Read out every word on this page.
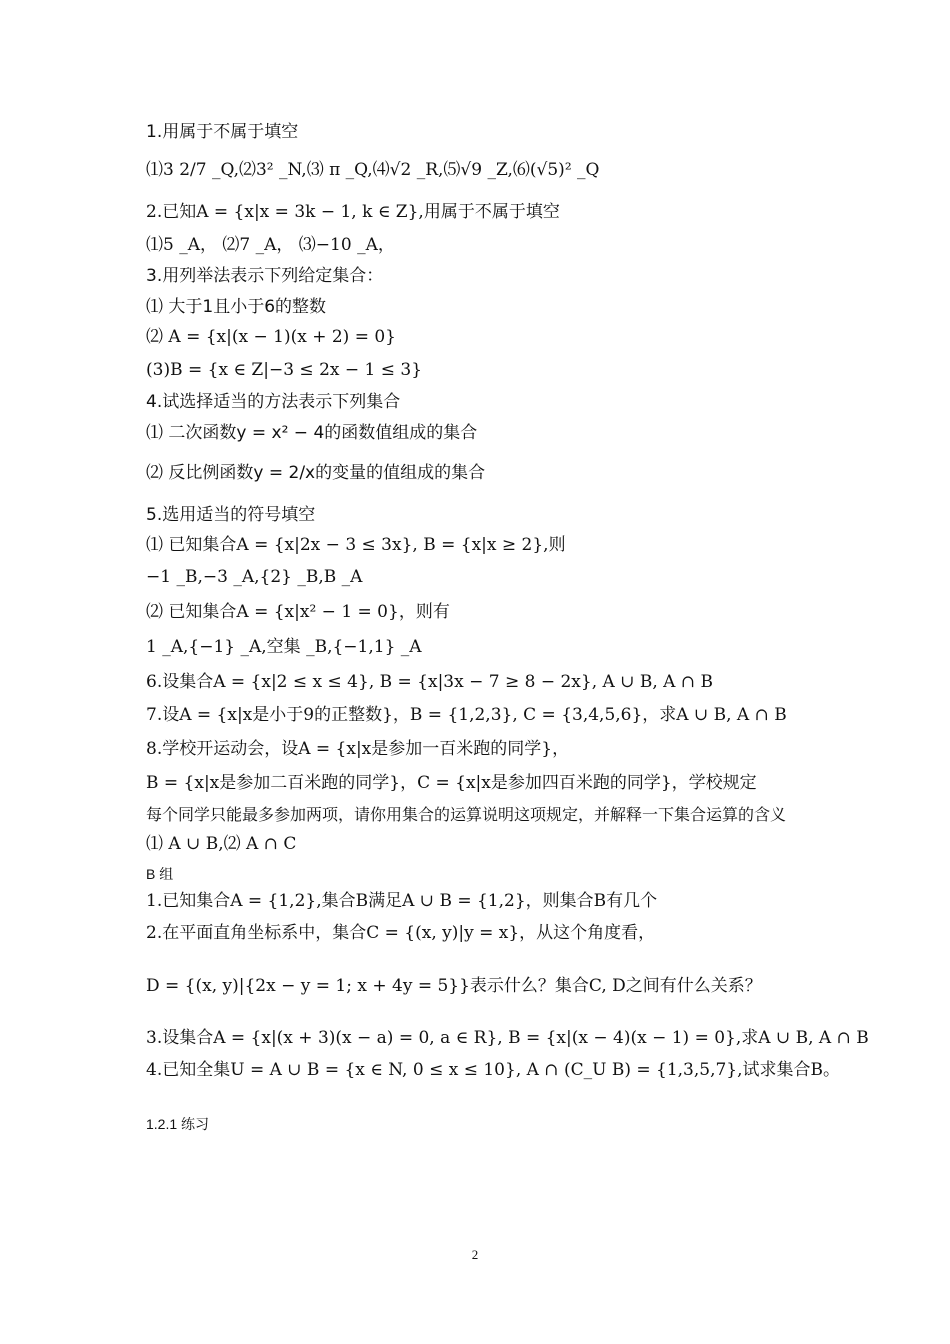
1.用属于不属于填空
⑴3 2/7 _Q,⑵3² _N,⑶ π _Q,⑷√2 _R,⑸√9 _Z,⑹(√5)² _Q
2.已知A = {x|x = 3k − 1, k ∈ Z},用属于不属于填空
⑴5 _A， ⑵7 _A， ⑶−10 _A，
3.用列举法表示下列给定集合：
⑴ 大于1且小于6的整数
⑵ A = {x|(x − 1)(x + 2) = 0}
(3)B = {x ∈ Z|−3 ≤ 2x − 1 ≤ 3}
4.试选择适当的方法表示下列集合
⑴ 二次函数y = x² − 4的函数值组成的集合
⑵ 反比例函数y = 2/x的变量的值组成的集合
5.选用适当的符号填空
⑴ 已知集合A = {x|2x − 3 ≤ 3x}, B = {x|x ≥ 2},则
−1 _B,−3 _A,{2} _B,B _A
⑵ 已知集合A = {x|x² − 1 = 0}，则有
1 _A,{−1} _A,空集 _B,{−1,1} _A
6.设集合A = {x|2 ≤ x ≤ 4}, B = {x|3x − 7 ≥ 8 − 2x}, A ∪ B, A ∩ B
7.设A = {x|x是小于9的正整数}，B = {1,2,3}, C = {3,4,5,6}，求A ∪ B, A ∩ B
8.学校开运动会，设A = {x|x是参加一百米跑的同学}，
B = {x|x是参加二百米跑的同学}，C = {x|x是参加四百米跑的同学}，学校规定
每个同学只能最多参加两项，请你用集合的运算说明这项规定，并解释一下集合运算的含义
⑴ A ∪ B,⑵ A ∩ C
B 组
1.已知集合A = {1,2},集合B满足A ∪ B = {1,2}，则集合B有几个
2.在平面直角坐标系中，集合C = {(x, y)|y = x}，从这个角度看，
D = {(x, y)|{2x − y = 1; x + 4y = 5}}表示什么？集合C, D之间有什么关系？
3.设集合A = {x|(x + 3)(x − a) = 0, a ∈ R}, B = {x|(x − 4)(x − 1) = 0},求A ∪ B, A ∩ B
4.已知全集U = A ∪ B = {x ∈ N, 0 ≤ x ≤ 10}, A ∩ (C_U B) = {1,3,5,7},试求集合B。
1.2.1 练习
2
